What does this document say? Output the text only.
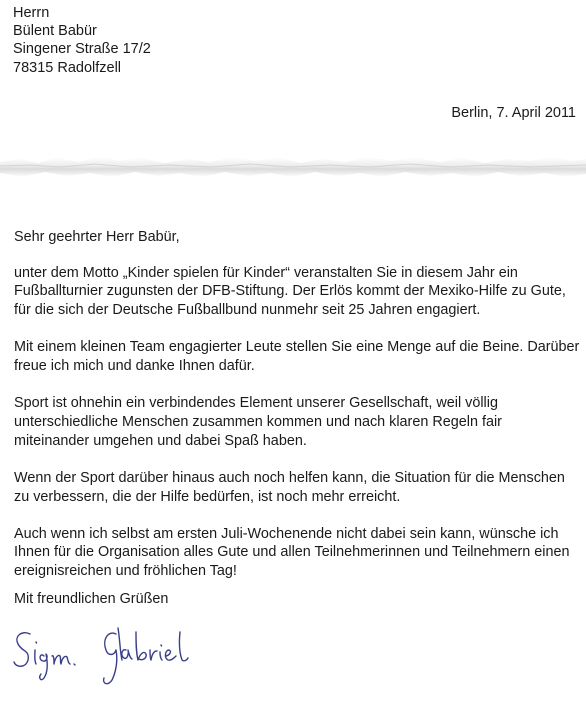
Herrn
Bülent Babür
Singener Straße 17/2
78315 Radolfzell
Berlin, 7. April 2011

Sehr geehrter Herr Babür,

unter dem Motto „Kinder spielen für Kinder“ veranstalten Sie in diesem Jahr ein Fußballturnier zugunsten der DFB-Stiftung. Der Erlös kommt der Mexiko-Hilfe zu Gute, für die sich der Deutsche Fußballbund nunmehr seit 25 Jahren engagiert.

Mit einem kleinen Team engagierter Leute stellen Sie eine Menge auf die Beine. Darüber freue ich mich und danke Ihnen dafür.

Sport ist ohnehin ein verbindendes Element unserer Gesellschaft, weil völlig unterschiedliche Menschen zusammen kommen und nach klaren Regeln fair miteinander umgehen und dabei Spaß haben.

Wenn der Sport darüber hinaus auch noch helfen kann, die Situation für die Menschen zu verbessern, die der Hilfe bedürfen, ist noch mehr erreicht.

Auch wenn ich selbst am ersten Juli-Wochenende nicht dabei sein kann, wünsche ich Ihnen für die Organisation alles Gute und allen Teilnehmerinnen und Teilnehmern einen ereignisreichen und fröhlichen Tag!

Mit freundlichen Grüßen
